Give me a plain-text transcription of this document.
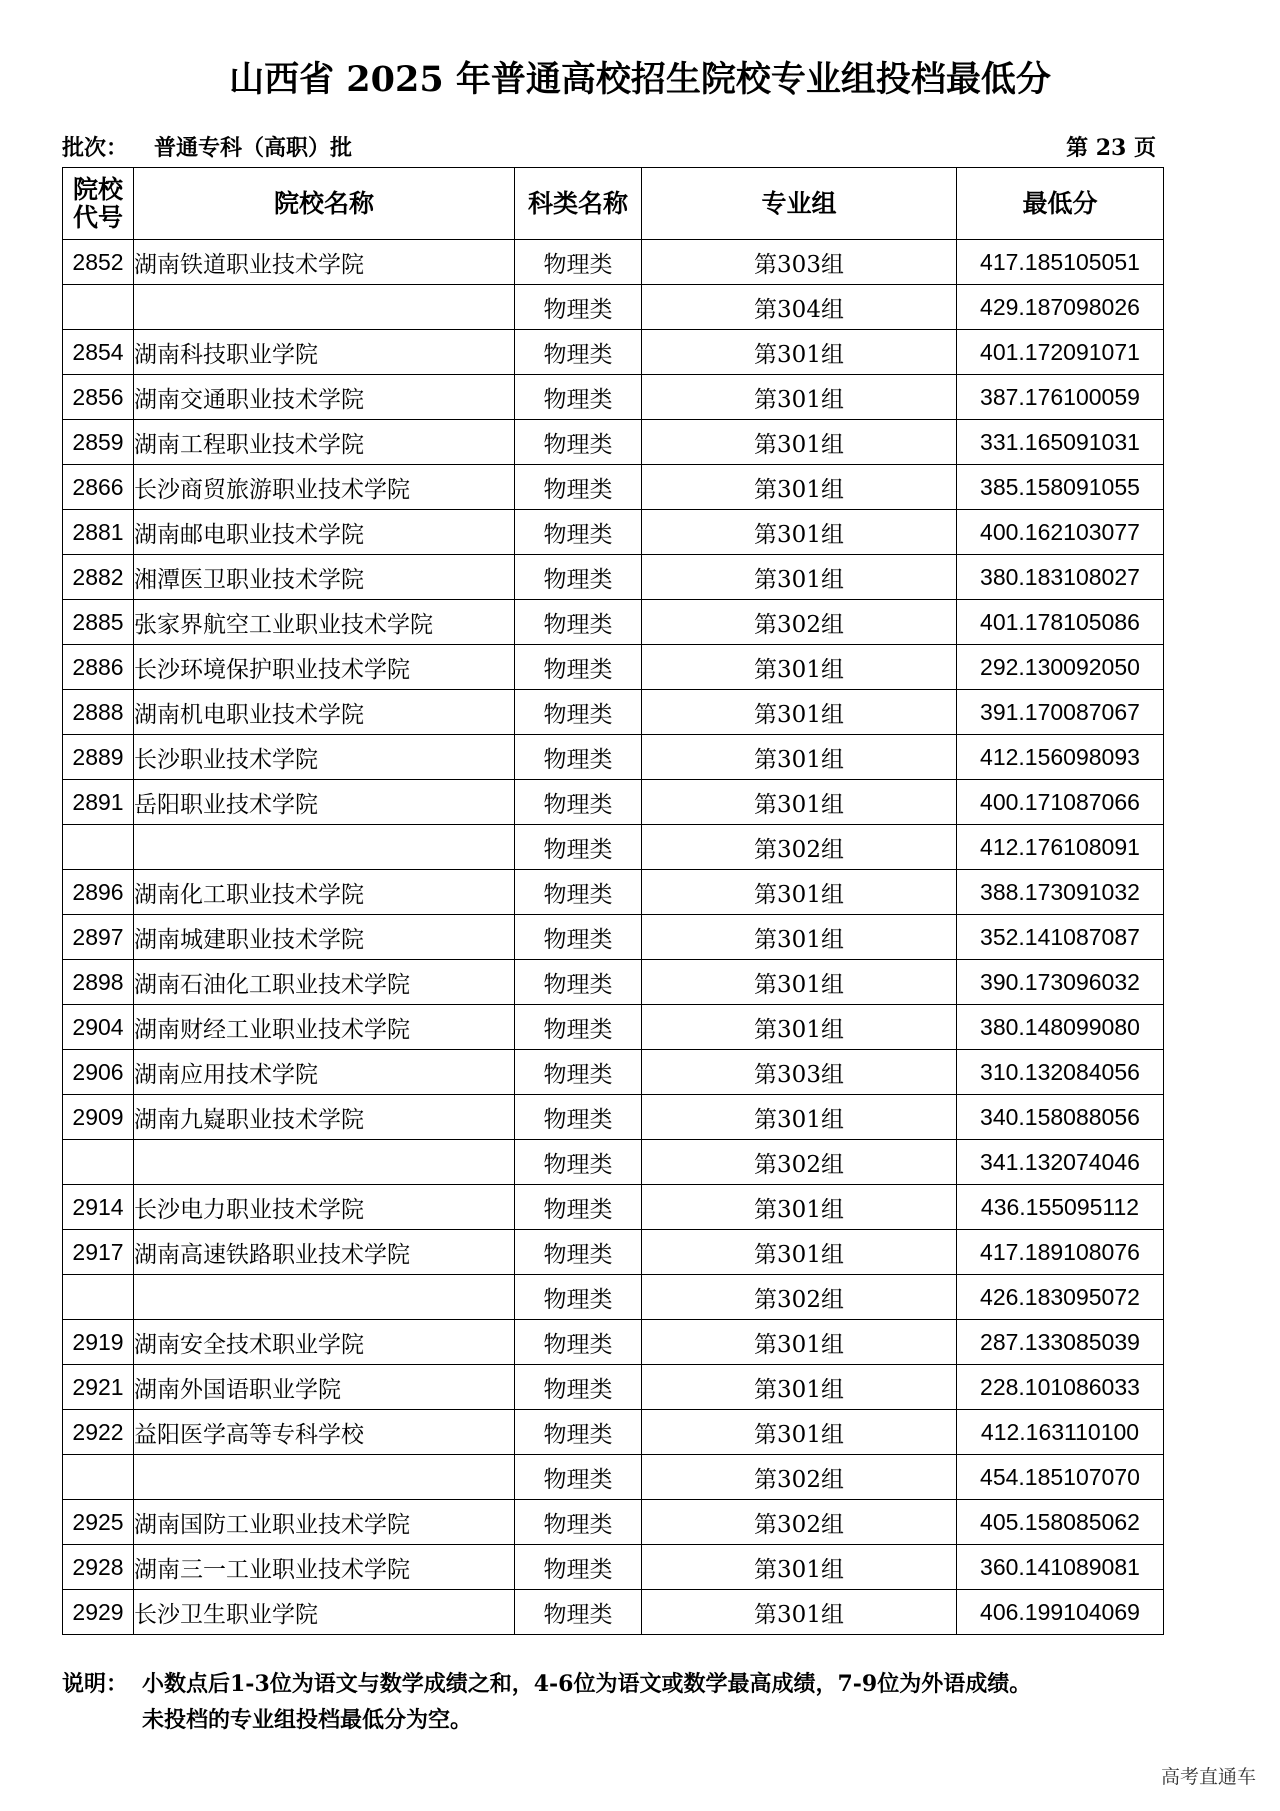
山西省 2025 年普通高校招生院校专业组投档最低分
批次： 普通专科（高职）批	第 23 页
院校代号	院校名称	科类名称	专业组	最低分
2852	湖南铁道职业技术学院	物理类	第303组	417.185105051
		物理类	第304组	429.187098026
2854	湖南科技职业学院	物理类	第301组	401.172091071
2856	湖南交通职业技术学院	物理类	第301组	387.176100059
2859	湖南工程职业技术学院	物理类	第301组	331.165091031
2866	长沙商贸旅游职业技术学院	物理类	第301组	385.158091055
2881	湖南邮电职业技术学院	物理类	第301组	400.162103077
2882	湘潭医卫职业技术学院	物理类	第301组	380.183108027
2885	张家界航空工业职业技术学院	物理类	第302组	401.178105086
2886	长沙环境保护职业技术学院	物理类	第301组	292.130092050
2888	湖南机电职业技术学院	物理类	第301组	391.170087067
2889	长沙职业技术学院	物理类	第301组	412.156098093
2891	岳阳职业技术学院	物理类	第301组	400.171087066
		物理类	第302组	412.176108091
2896	湖南化工职业技术学院	物理类	第301组	388.173091032
2897	湖南城建职业技术学院	物理类	第301组	352.141087087
2898	湖南石油化工职业技术学院	物理类	第301组	390.173096032
2904	湖南财经工业职业技术学院	物理类	第301组	380.148099080
2906	湖南应用技术学院	物理类	第303组	310.132084056
2909	湖南九嶷职业技术学院	物理类	第301组	340.158088056
		物理类	第302组	341.132074046
2914	长沙电力职业技术学院	物理类	第301组	436.155095112
2917	湖南高速铁路职业技术学院	物理类	第301组	417.189108076
		物理类	第302组	426.183095072
2919	湖南安全技术职业学院	物理类	第301组	287.133085039
2921	湖南外国语职业学院	物理类	第301组	228.101086033
2922	益阳医学高等专科学校	物理类	第301组	412.163110100
		物理类	第302组	454.185107070
2925	湖南国防工业职业技术学院	物理类	第302组	405.158085062
2928	湖南三一工业职业技术学院	物理类	第301组	360.141089081
2929	长沙卫生职业学院	物理类	第301组	406.199104069
说明： 小数点后1-3位为语文与数学成绩之和，4-6位为语文或数学最高成绩，7-9位为外语成绩。
未投档的专业组投档最低分为空。
高考直通车
